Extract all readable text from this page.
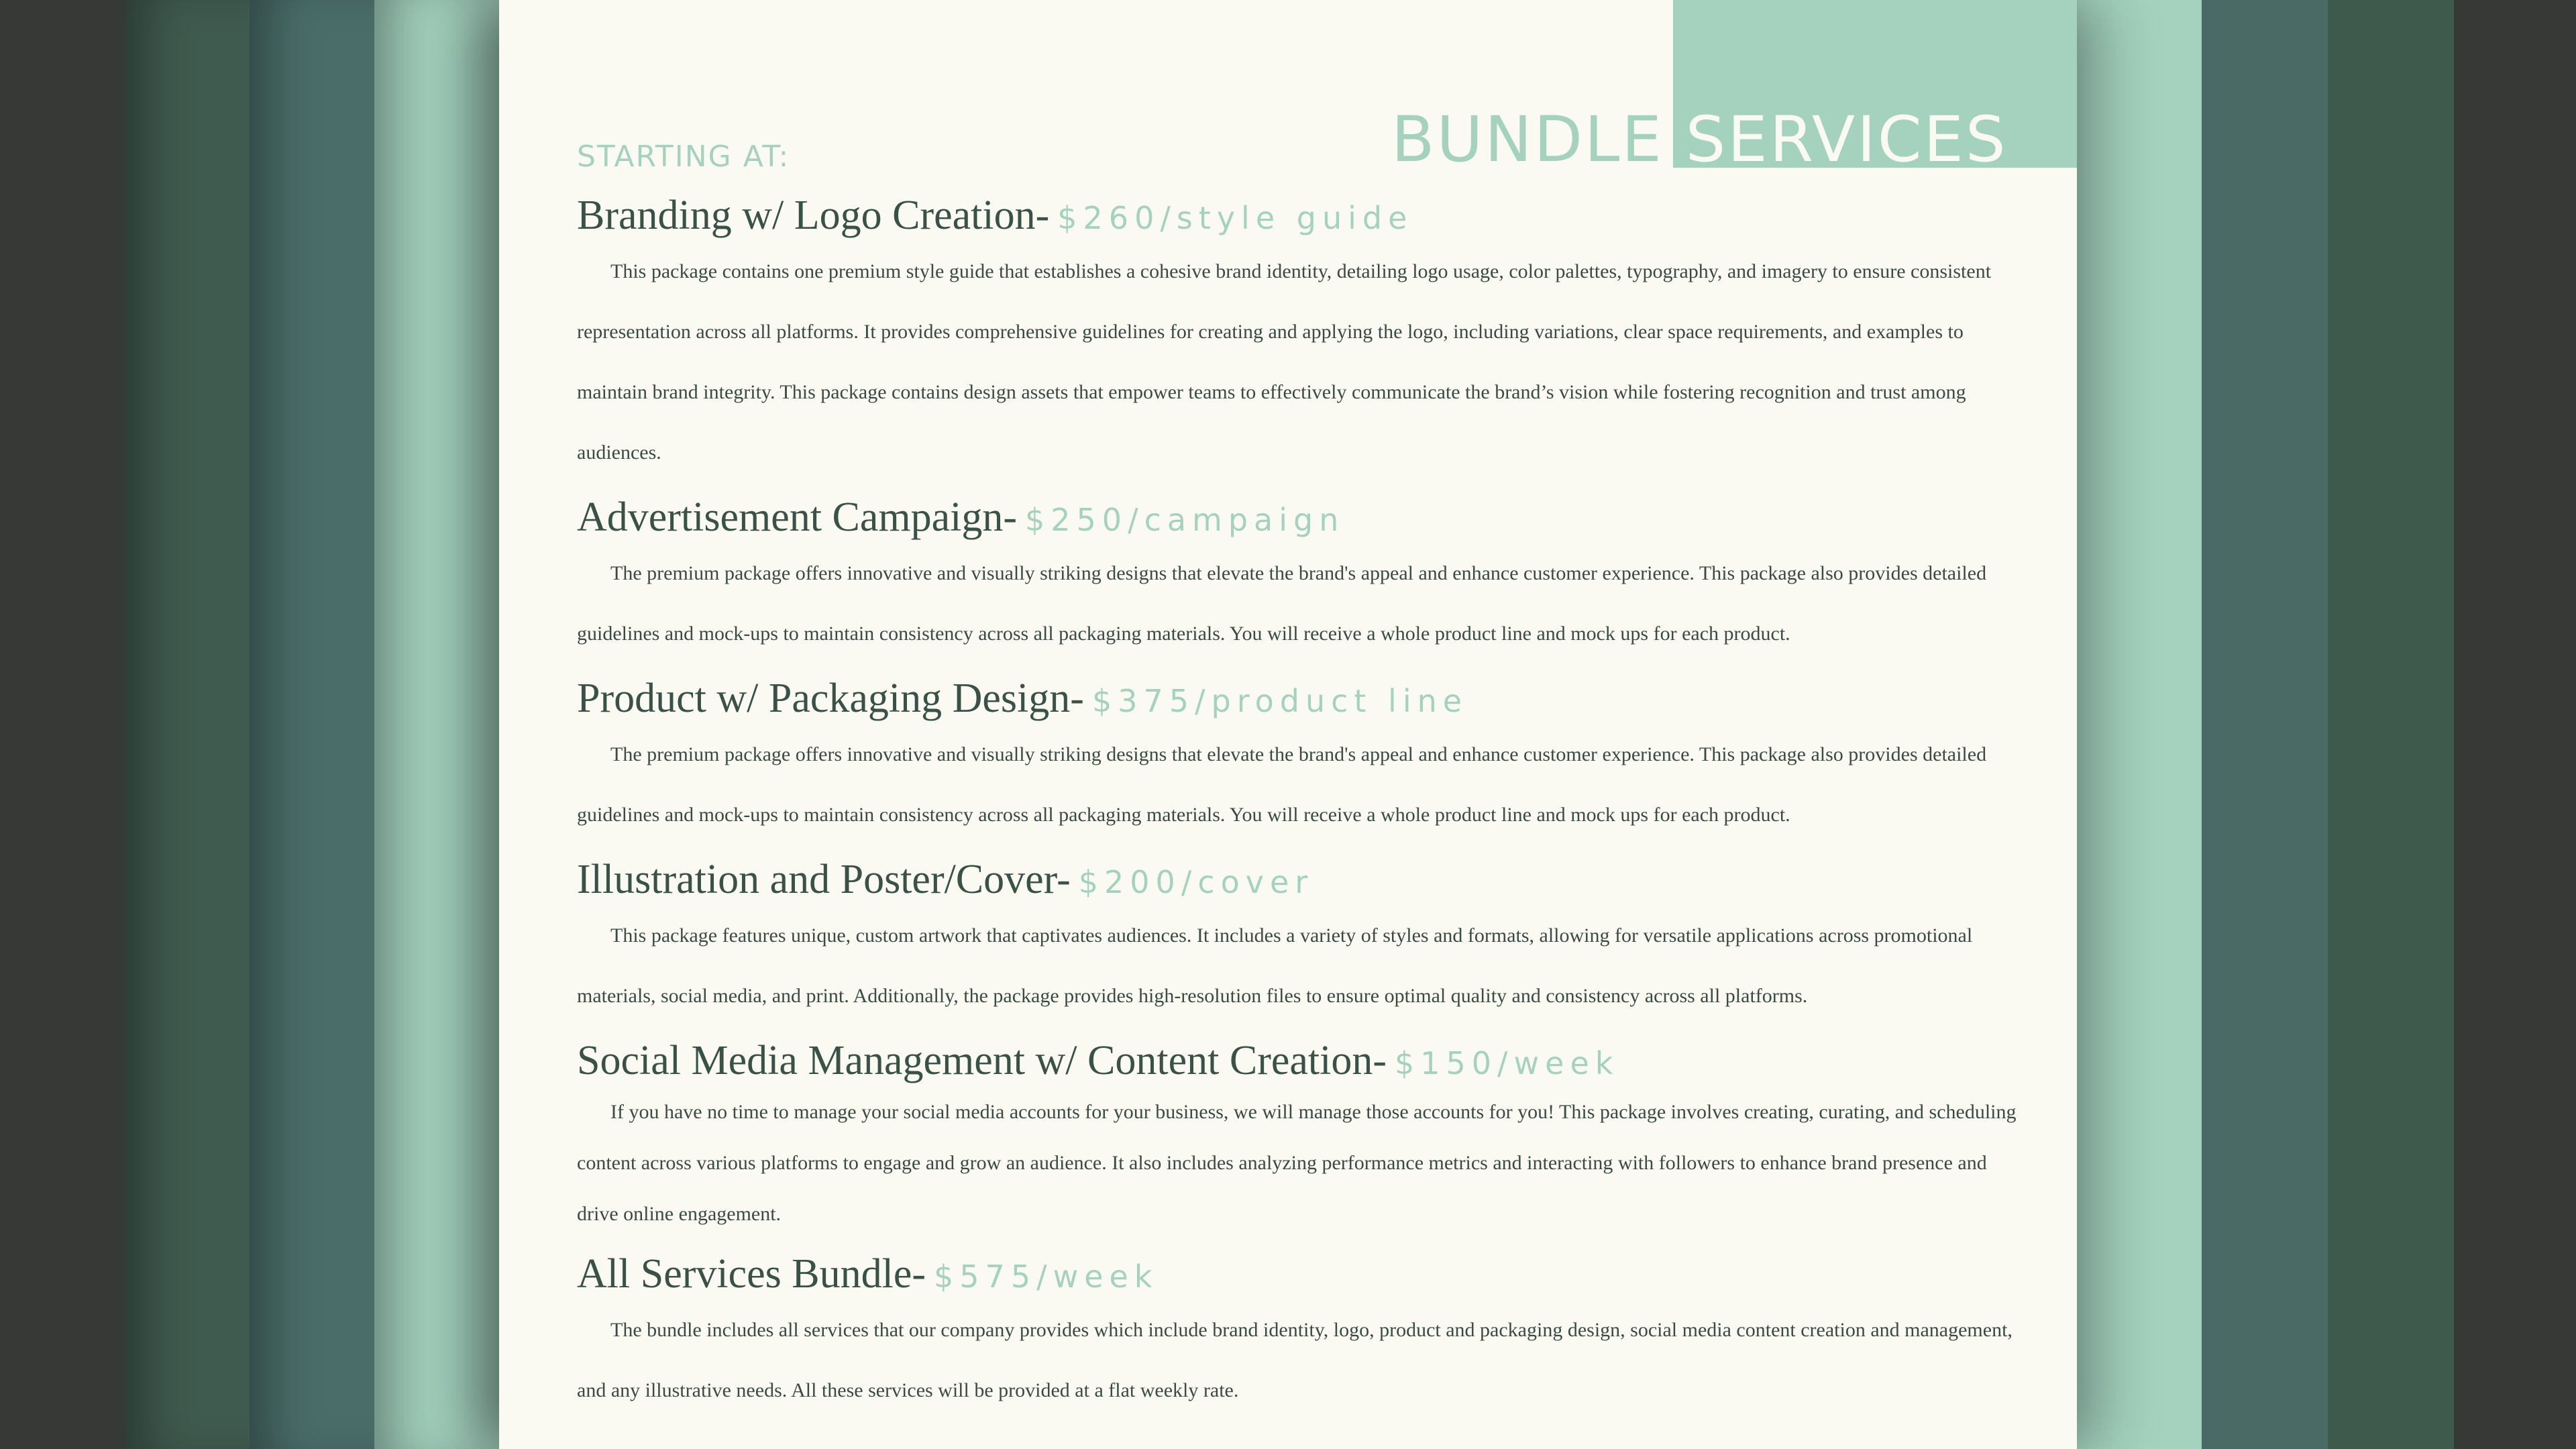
BUNDLE SERVICES
STARTING AT:
Branding w/ Logo Creation- $260/style guide

This package contains one premium style guide that establishes a cohesive brand identity, detailing logo usage, color palettes, typography, and imagery to ensure consistent representation across all platforms. It provides comprehensive guidelines for creating and applying the logo, including variations, clear space requirements, and examples to maintain brand integrity. This package contains design assets that empower teams to effectively communicate the brand’s vision while fostering recognition and trust among audiences.

Advertisement Campaign- $250/campaign

The premium package offers innovative and visually striking designs that elevate the brand's appeal and enhance customer experience. This package also provides detailed guidelines and mock-ups to maintain consistency across all packaging materials. You will receive a whole product line and mock ups for each product.

Product w/ Packaging Design- $375/product line

The premium package offers innovative and visually striking designs that elevate the brand's appeal and enhance customer experience. This package also provides detailed guidelines and mock-ups to maintain consistency across all packaging materials. You will receive a whole product line and mock ups for each product.

Illustration and Poster/Cover- $200/cover

This package features unique, custom artwork that captivates audiences. It includes a variety of styles and formats, allowing for versatile applications across promotional materials, social media, and print. Additionally, the package provides high-resolution files to ensure optimal quality and consistency across all platforms.

Social Media Management w/ Content Creation- $150/week

If you have no time to manage your social media accounts for your business, we will manage those accounts for you! This package involves creating, curating, and scheduling content across various platforms to engage and grow an audience. It also includes analyzing performance metrics and interacting with followers to enhance brand presence and drive online engagement.

All Services Bundle- $575/week

The bundle includes all services that our company provides which include brand identity, logo, product and packaging design, social media content creation and management, and any illustrative needs. All these services will be provided at a flat weekly rate.
